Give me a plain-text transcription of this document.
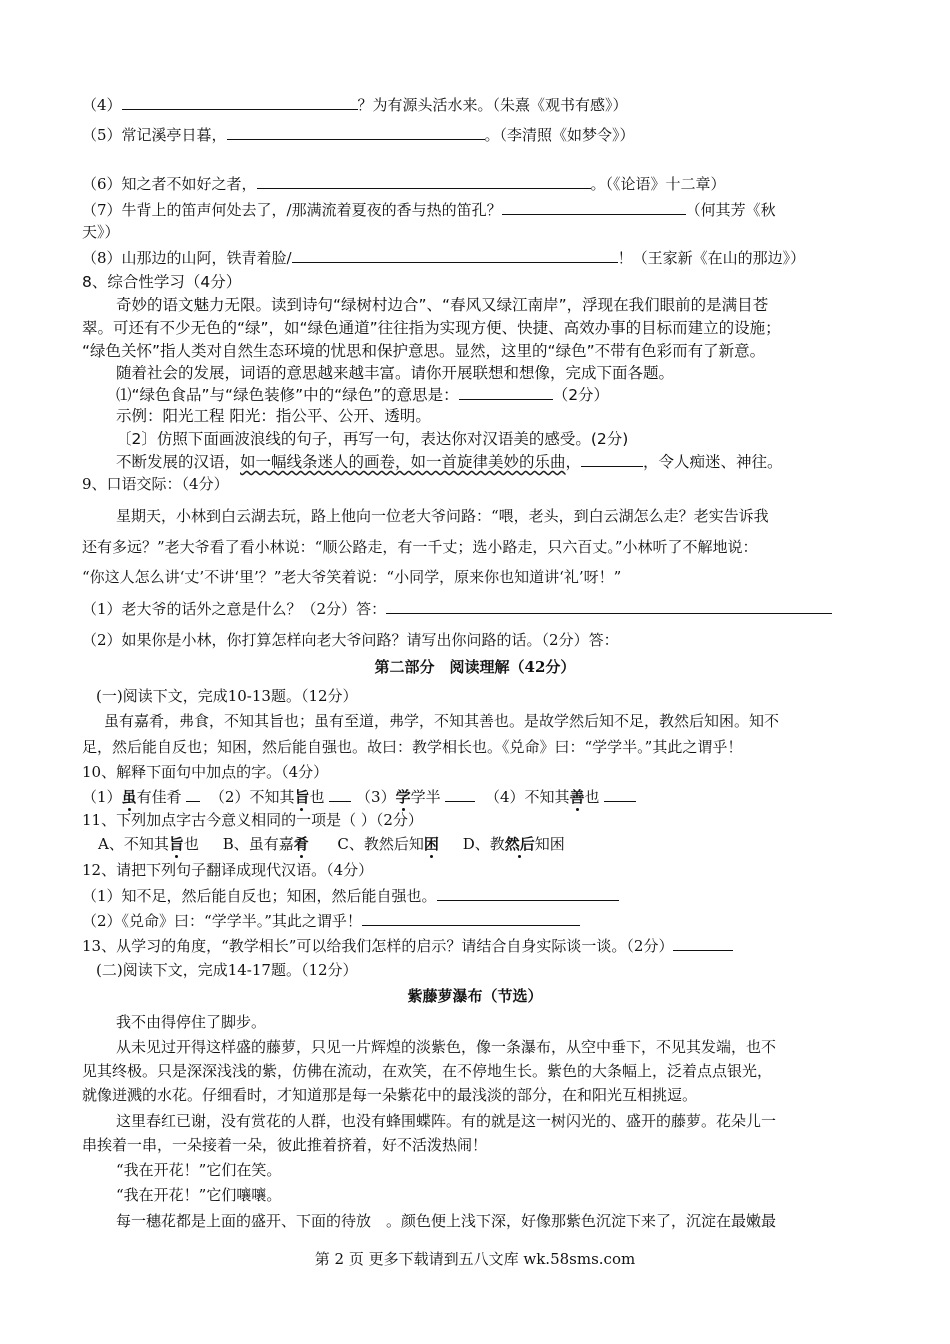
（4）	？为有源头活水来。（朱熹《观书有感》）
（5）常记溪亭日暮，	。（李清照《如梦令》）
（6）知之者不如好之者，	。（《论语》十二章）
（7）牛背上的笛声何处去了，/那满流着夏夜的香与热的笛孔？	（何其芳《秋
天》）
（8）山那边的山阿，铁青着脸/	！（王家新《在山的那边》）
8、综合性学习（4分）
奇妙的语文魅力无限。读到诗句“绿树村边合”、“春风又绿江南岸”，浮现在我们眼前的是满目苍
翠。可还有不少无色的“绿”，如“绿色通道”往往指为实现方便、快捷、高效办事的目标而建立的设施；
“绿色关怀”指人类对自然生态环境的忧思和保护意思。显然，这里的“绿色”不带有色彩而有了新意。
随着社会的发展，词语的意思越来越丰富。请你开展联想和想像，完成下面各题。
⑴“绿色食品”与“绿色装修”中的“绿色”的意思是：	（2分）
示例：阳光工程 阳光：指公平、公开、透明。
〔2〕仿照下面画波浪线的句子，再写一句，表达你对汉语美的感受。(2分)
不断发展的汉语，如一幅线条迷人的画卷，如一首旋律美妙的乐曲，	，令人痴迷、神往。
9、口语交际：（4分）
星期天，小林到白云湖去玩，路上他向一位老大爷问路：“喂，老头，到白云湖怎么走？老实告诉我
还有多远？”老大爷看了看小林说：“顺公路走，有一千丈；选小路走，只六百丈。”小林听了不解地说：
“你这人怎么讲‘丈’不讲‘里’？”老大爷笑着说：“小同学，原来你也知道讲‘礼’呀！”
（1）老大爷的话外之意是什么？（2分）答：
（2）如果你是小林，你打算怎样向老大爷问路？请写出你问路的话。（2分）答：
第二部分　阅读理解（42分）
(一)阅读下文，完成10-13题。（12分）
虽有嘉肴，弗食，不知其旨也；虽有至道，弗学，不知其善也。是故学然后知不足，教然后知困。知不
足，然后能自反也；知困，然后能自强也。故曰：教学相长也。《兑命》曰：“学学半。”其此之谓乎！
10、解释下面句中加点的字。（4分）
（1）虽有佳肴 （2）不知其旨也 （3）学学半	（4）不知其善也
11、下列加点字古今意义相同的一项是（ ）（2分）
A、不知其旨也 B、虽有嘉肴 C、教然后知困 D、教然后知困
12、请把下列句子翻译成现代汉语。（4分）
（1）知不足，然后能自反也；知困，然后能自强也。
（2）《兑命》曰：“学学半。”其此之谓乎！
13、从学习的角度，“教学相长”可以给我们怎样的启示？请结合自身实际谈一谈。（2分）
(二)阅读下文，完成14-17题。（12分）
紫藤萝瀑布（节选）
我不由得停住了脚步。
从未见过开得这样盛的藤萝，只见一片辉煌的淡紫色，像一条瀑布，从空中垂下，不见其发端，也不
见其终极。只是深深浅浅的紫，仿佛在流动，在欢笑，在不停地生长。紫色的大条幅上，泛着点点银光，
就像迸溅的水花。仔细看时，才知道那是每一朵紫花中的最浅淡的部分，在和阳光互相挑逗。
这里春红已谢，没有赏花的人群，也没有蜂围蝶阵。有的就是这一树闪光的、盛开的藤萝。花朵儿一
串挨着一串，一朵接着一朵，彼此推着挤着，好不活泼热闹！
“我在开花！”它们在笑。
“我在开花！”它们嚷嚷。
每一穗花都是上面的盛开、下面的待放　。颜色便上浅下深，好像那紫色沉淀下来了，沉淀在最嫩最
第 2 页 更多下载请到五八文库 wk.58sms.com
